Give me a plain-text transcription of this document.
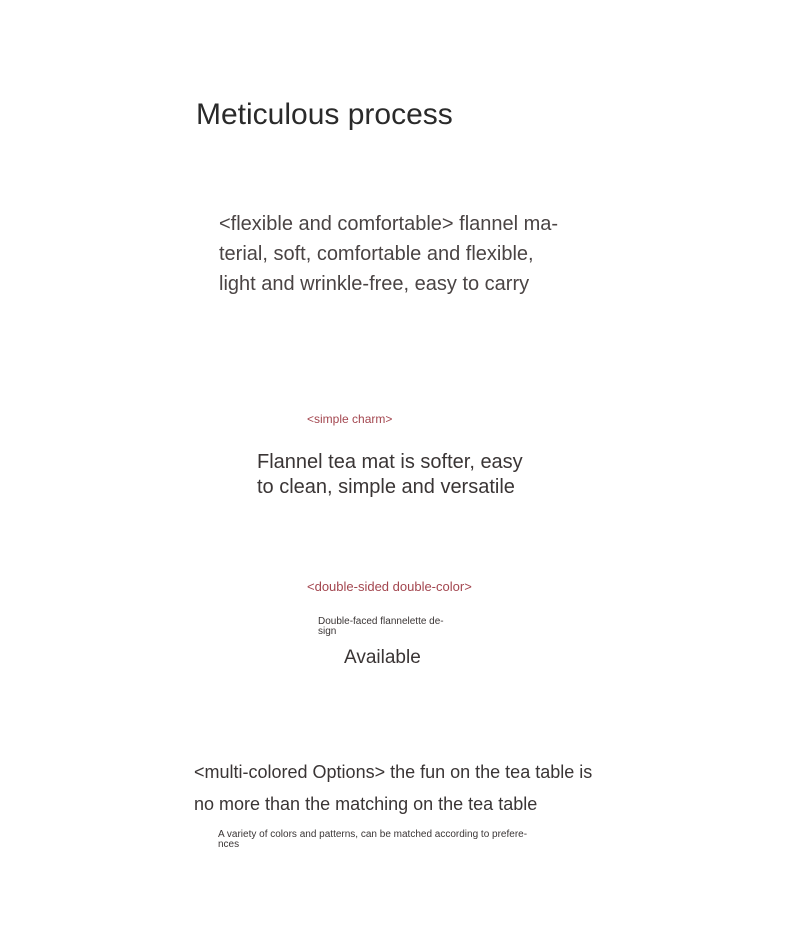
Meticulous process
<flexible and comfortable> flannel ma-
terial, soft, comfortable and flexible,
light and wrinkle-free, easy to carry
<simple charm>
Flannel tea mat is softer, easy
to clean, simple and versatile
<double-sided double-color>
Double-faced flannelette de-
sign
Available
<multi-colored Options> the fun on the tea table is
no more than the matching on the tea table
A variety of colors and patterns, can be matched according to prefere-
nces
